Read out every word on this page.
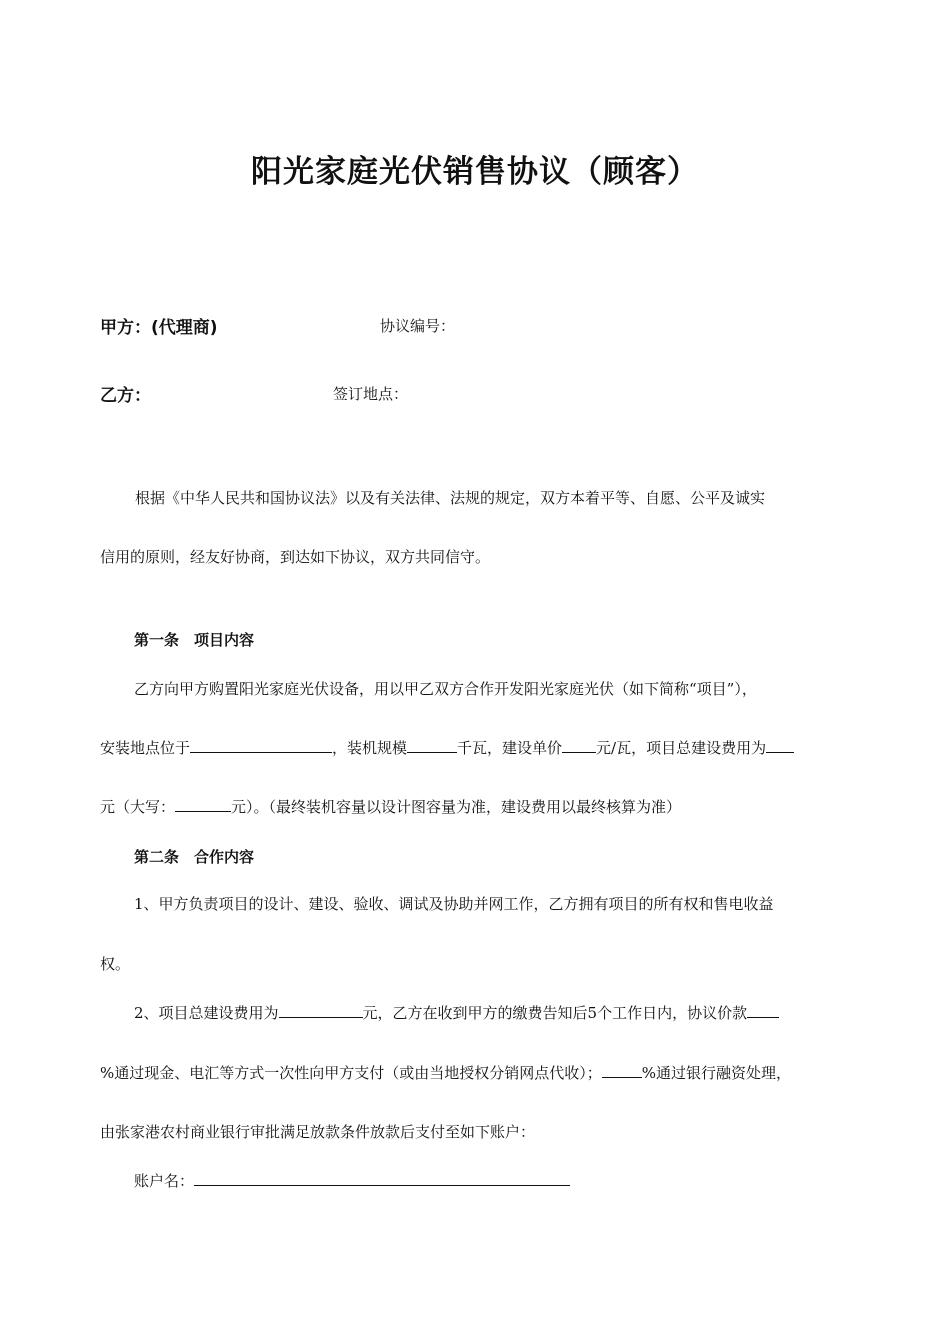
阳光家庭光伏销售协议（顾客）
甲方：(代理商)	协议编号：
乙方：	签订地点：
根据《中华人民共和国协议法》以及有关法律、法规的规定，双方本着平等、自愿、公平及诚实
信用的原则，经友好协商，到达如下协议，双方共同信守。
第一条　项目内容
乙方向甲方购置阳光家庭光伏设备，用以甲乙双方合作开发阳光家庭光伏（如下简称“项目”），
安装地点位于	，装机规模	千瓦，建设单价 元/瓦，项目总建设费用为
元（大写：	元）。（最终装机容量以设计图容量为准，建设费用以最终核算为准）
第二条　合作内容
1、甲方负责项目的设计、建设、验收、调试及协助并网工作，乙方拥有项目的所有权和售电收益
权。
2、项目总建设费用为	元，乙方在收到甲方的缴费告知后5个工作日内，协议价款
%通过现金、电汇等方式一次性向甲方支付（或由当地授权分销网点代收）；	%通过银行融资处理，
由张家港农村商业银行审批满足放款条件放款后支付至如下账户：
账户名：
